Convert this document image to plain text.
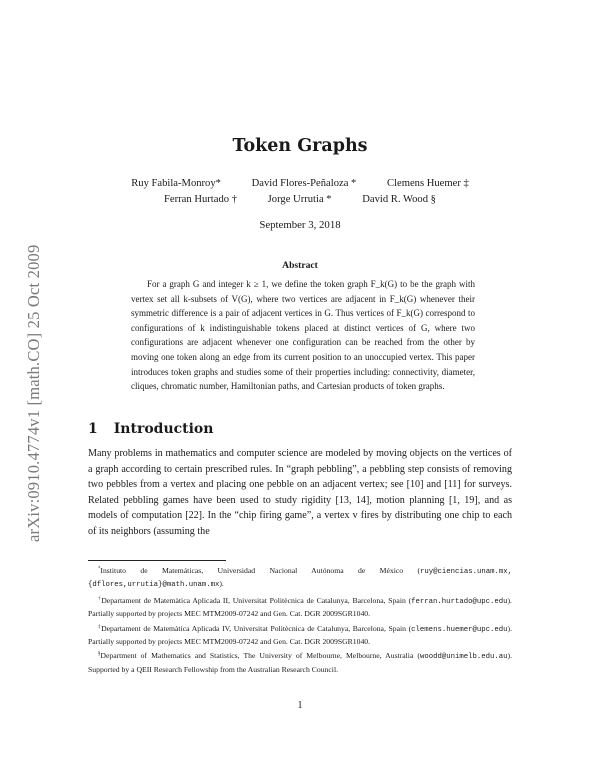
arXiv:0910.4774v1 [math.CO] 25 Oct 2009
Token Graphs
Ruy Fabila-Monroy*	David Flores-Peñaloza *	Clemens Huemer ‡
Ferran Hurtado †	Jorge Urrutia *	David R. Wood §
September 3, 2018
Abstract
For a graph G and integer k ≥ 1, we define the token graph F_k(G) to be the graph with vertex set all k-subsets of V(G), where two vertices are adjacent in F_k(G) whenever their symmetric difference is a pair of adjacent vertices in G. Thus vertices of F_k(G) correspond to configurations of k indistinguishable tokens placed at distinct vertices of G, where two configurations are adjacent whenever one configuration can be reached from the other by moving one token along an edge from its current position to an unoccupied vertex. This paper introduces token graphs and studies some of their properties including: connectivity, diameter, cliques, chromatic number, Hamiltonian paths, and Cartesian products of token graphs.
1 Introduction
Many problems in mathematics and computer science are modeled by moving objects on the vertices of a graph according to certain prescribed rules. In “graph pebbling”, a pebbling step consists of removing two pebbles from a vertex and placing one pebble on an adjacent vertex; see [10] and [11] for surveys. Related pebbling games have been used to study rigidity [13, 14], motion planning [1, 19], and as models of computation [22]. In the “chip firing game”, a vertex v fires by distributing one chip to each of its neighbors (assuming the
*Instituto de Matemáticas, Universidad Nacional Autónoma de México (ruy@ciencias.unam.mx, {dflores,urrutia}@math.unam.mx).
†Departament de Matemàtica Aplicada II, Universitat Politècnica de Catalunya, Barcelona, Spain (ferran.hurtado@upc.edu). Partially supported by projects MEC MTM2009-07242 and Gen. Cat. DGR 2009SGR1040.
‡Departament de Matemàtica Aplicada IV, Universitat Politècnica de Catalunya, Barcelona, Spain (clemens.huemer@upc.edu). Partially supported by projects MEC MTM2009-07242 and Gen. Cat. DGR 2009SGR1040.
§Department of Mathematics and Statistics, The University of Melbourne, Melbourne, Australia (woodd@unimelb.edu.au). Supported by a QEII Research Fellowship from the Australian Research Council.
1
